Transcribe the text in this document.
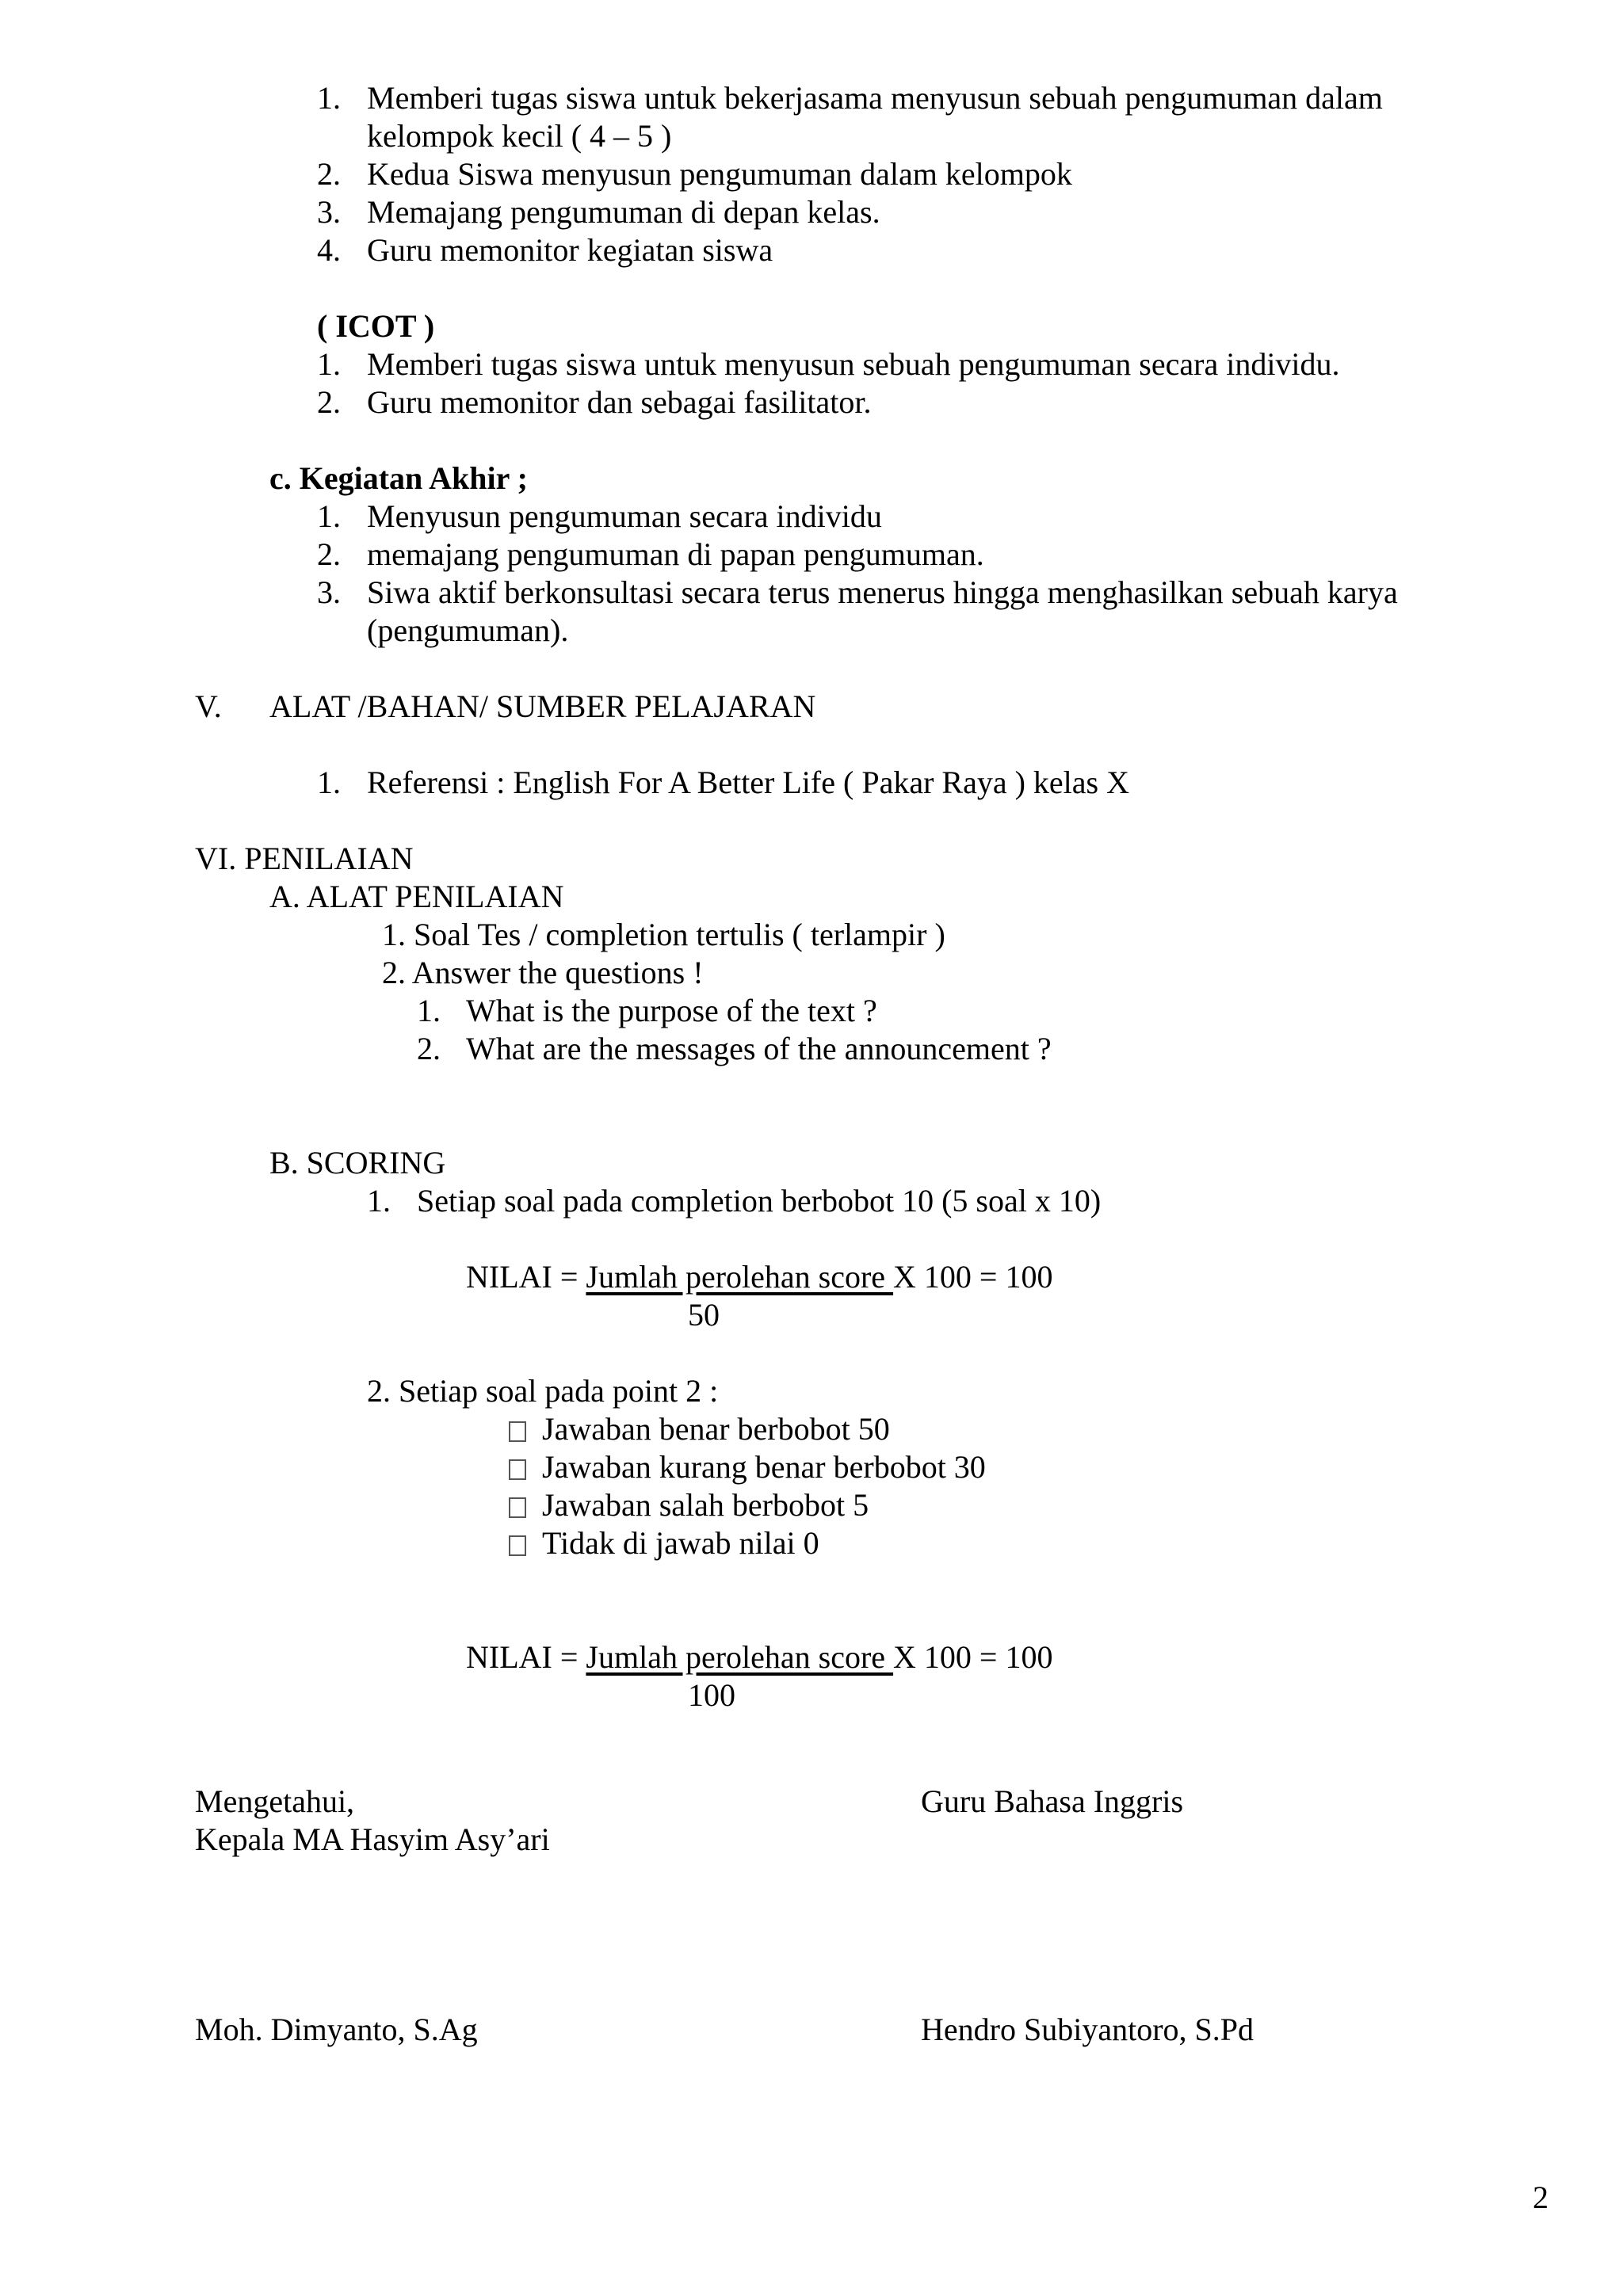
1. Memberi tugas siswa untuk bekerjasama menyusun sebuah pengumuman dalam
kelompok kecil ( 4 – 5 )
2. Kedua Siswa menyusun pengumuman dalam kelompok
3. Memajang pengumuman di depan kelas.
4. Guru memonitor kegiatan siswa
( ICOT )
1. Memberi tugas siswa untuk menyusun sebuah pengumuman secara individu.
2. Guru memonitor dan sebagai fasilitator.
c. Kegiatan Akhir ;
1. Menyusun pengumuman secara individu
2. memajang pengumuman di papan pengumuman.
3. Siwa aktif berkonsultasi secara terus menerus hingga menghasilkan sebuah karya
(pengumuman).
V. ALAT /BAHAN/ SUMBER PELAJARAN
1. Referensi : English For A Better Life ( Pakar Raya ) kelas X
VI. PENILAIAN
A. ALAT PENILAIAN
1. Soal Tes / completion tertulis ( terlampir )
2. Answer the questions !
1. What is the purpose of the text ?
2. What are the messages of the announcement ?
B. SCORING
1. Setiap soal pada completion berbobot 10 (5 soal x 10)
NILAI = Jumlah perolehan score X 100 = 100
50
2. Setiap soal pada point 2 :
Jawaban benar berbobot 50
Jawaban kurang benar berbobot 30
Jawaban salah berbobot 5
Tidak di jawab nilai 0
NILAI = Jumlah perolehan score X 100 = 100
100
Mengetahui,	Guru Bahasa Inggris
Kepala MA Hasyim Asy’ari
Moh. Dimyanto, S.Ag	Hendro Subiyantoro, S.Pd
2
